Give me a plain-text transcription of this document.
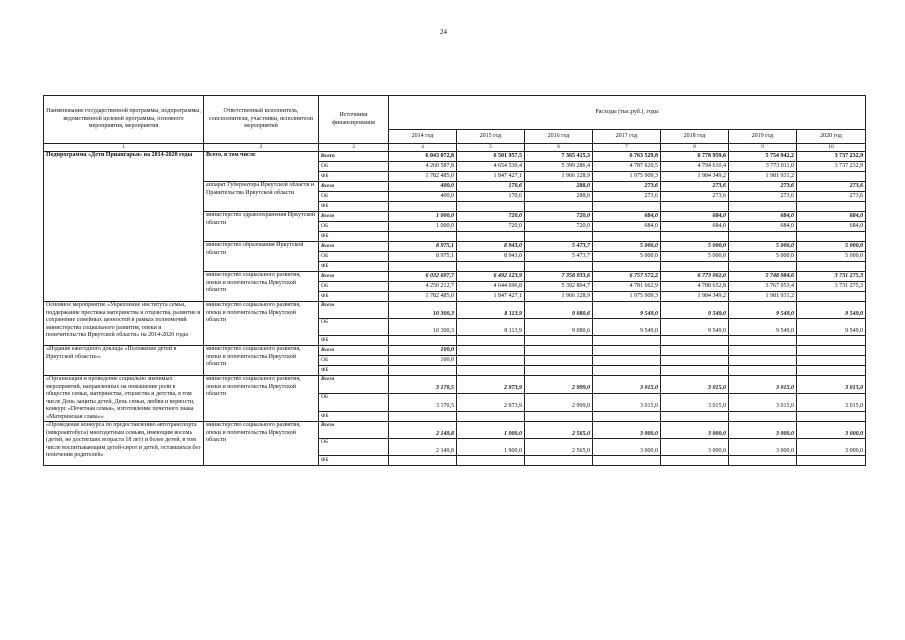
24
Наименование государственной программы, подпрограммы, ведомственной целевой программы, основного мероприятия, мероприятия	Ответственный исполнитель, соисполнители, участники, исполнители мероприятий	Источники финансирования	Расходы (тыс.руб.), годы						
			2014 год	2015 год	2016 год	2017 год	2018 год	2019 год	2020 год
1	2	3	4	5	6	7	8	9	10
Подпрограмма «Дети Приангарья» на 2014-2020 годы	Всего, в том числе	Всего	6 043 072,8	6 501 957,5	7 365 415,3	6 763 529,8	6 778 959,6	5 754 942,2	3 737 232,9
		ОБ	4 260 587,8	4 654 530,4	5 399 286,4	4 787 620,5	4 794 610,4	3 773 011,0	3 737 232,9
		ФБ	1 782 485,0	1 847 427,1	1 966 128,9	1 975 909,3	1 984 349,2	1 981 931,2	
	аппарат Губернатора Иркутской области и Правительства Иркутской области	Всего	400,0	170,6	288,0	273,6	273,6	273,6	273,6
		ОБ	400,0	170,6	288,0	273,6	273,6	273,6	273,6
		ФБ							
	министерство здравоохранения Иркутской области	Всего	1 000,0	720,0	720,0	684,0	684,0	684,0	684,0
		ОБ	1 000,0	720,0	720,0	684,0	684,0	684,0	684,0
		ФБ							
	министерство образования Иркутской области	Всего	8 975,1	8 943,0	5 473,7	5 000,0	5 000,0	5 000,0	5 000,0
		ОБ	8 975,1	8 943,0	5 473,7	5 000,0	5 000,0	5 000,0	5 000,0
		ФБ							
	министерство социального развития, опеки и попечительства Иркутской области	Всего	6 032 697,7	6 492 123,9	7 358 933,6	6 757 572,2	6 773 002,0	5 748 984,6	3 731 275,3
		ОБ	4 250 212,7	4 644 696,8	5 392 804,7	4 781 662,9	4 788 652,8	3 767 053,4	3 731 275,3
		ФБ	1 782 485,0	1 847 427,1	1 966 128,9	1 975 909,3	1 984 349,2	1 981 931,2	
Основное мероприятие «Укрепление института семьи, поддержание престижа материнства и отцовства, развитие и сохранение семейных ценностей в рамках полномочий министерства социального развития, опеки и попечительства Иркутской области» на 2014-2020 годы	министерство социального развития, опеки и попечительства Иркутской области	Всего	10 300,3	8 113,9	9 080,6	9 549,0	9 549,0	9 549,0	9 549,0
		ОБ	10 300,3	8 113,9	9 080,6	9 549,0	9 549,0	9 549,0	9 549,0
		ФБ							
«Издание ежегодного доклада «Положение детей в Иркутской области»»	министерство социального развития, опеки и попечительства Иркутской области	Всего	100,0						
		ОБ	100,0						
		ФБ							
«Организация и проведение социально значимых мероприятий, направленных на повышение роли в обществе семьи, материнства, отцовства и детства, в том числе День защиты детей, День семьи, любви и верности, конкурс «Почетная семья», изготовление почетного знака «Материнская слава»»	министерство социального развития, опеки и попечительства Иркутской области	Всего	3 170,5	2 973,9	2 999,0	3 015,0	3 015,0	3 015,0	3 015,0
		ОБ	3 170,5	2 973,9	2 999,0	3 015,0	3 015,0	3 015,0	3 015,0
		ФБ							
«Проведение конкурса по предоставлению автотранспорта (микроавтобуса) многодетным семьям, имеющим восемь (детей, не достигших возраста 18 лет) и более детей, в том числе воспитывающим детей-сирот и детей, оставшихся без попечения родителей»	министерство социального развития, опеки и попечительства Иркутской области	Всего	2 149,8	1 900,0	2 565,0	3 000,0	3 000,0	3 000,0	3 000,0
		ОБ	2 149,8	1 900,0	2 565,0	3 000,0	3 000,0	3 000,0	3 000,0
		ФБ							
